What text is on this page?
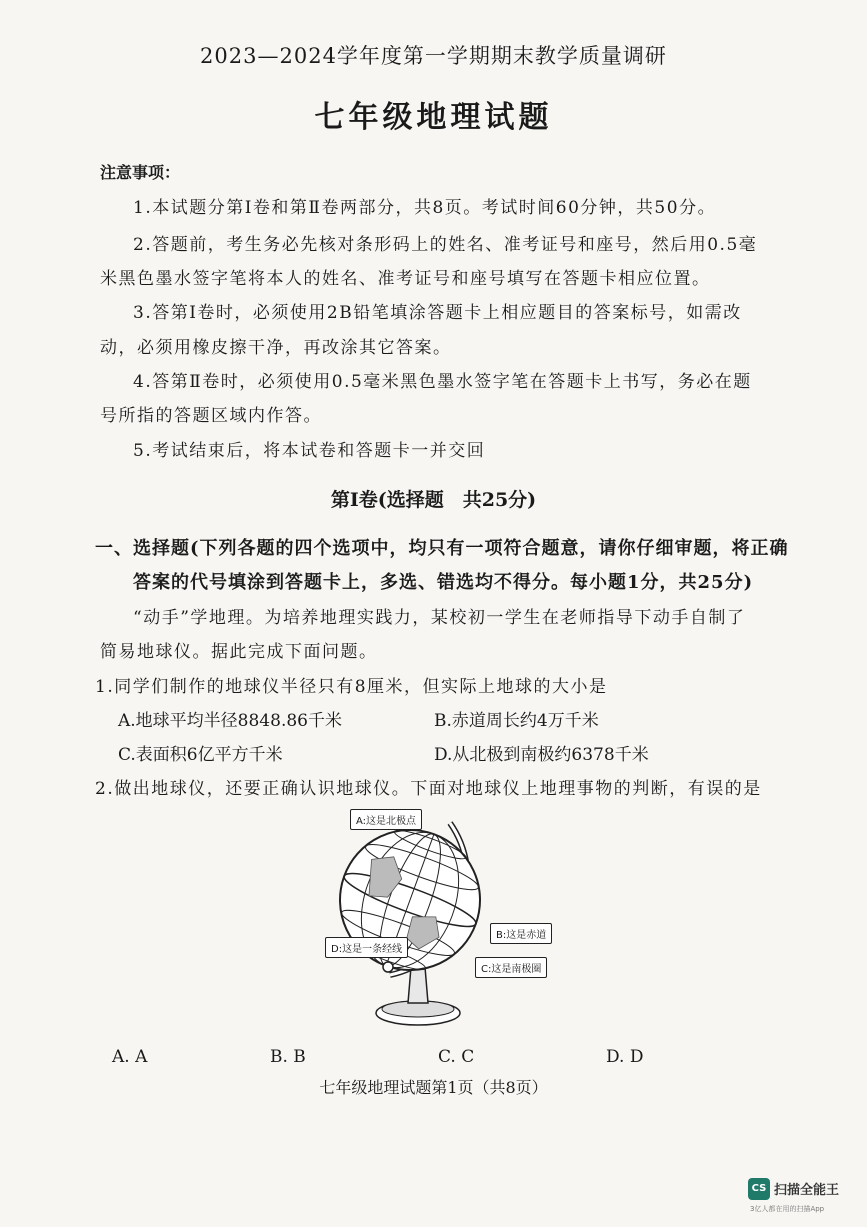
2023—2024学年度第一学期期末教学质量调研
七年级地理试题
注意事项：
1.本试题分第Ⅰ卷和第Ⅱ卷两部分，共8页。考试时间60分钟，共50分。
2.答题前，考生务必先核对条形码上的姓名、准考证号和座号，然后用0.5毫
米黑色墨水签字笔将本人的姓名、准考证号和座号填写在答题卡相应位置。
3.答第Ⅰ卷时，必须使用2B铅笔填涂答题卡上相应题目的答案标号，如需改
动，必须用橡皮擦干净，再改涂其它答案。
4.答第Ⅱ卷时，必须使用0.5毫米黑色墨水签字笔在答题卡上书写，务必在题
号所指的答题区域内作答。
5.考试结束后，将本试卷和答题卡一并交回
第Ⅰ卷(选择题　共25分)
一、选择题(下列各题的四个选项中，均只有一项符合题意，请你仔细审题，将正确
答案的代号填涂到答题卡上，多选、错选均不得分。每小题1分，共25分)
“动手”学地理。为培养地理实践力，某校初一学生在老师指导下动手自制了
简易地球仪。据此完成下面问题。
1.同学们制作的地球仪半径只有8厘米，但实际上地球的大小是
A.地球平均半径8848.86千米	B.赤道周长约4万千米
C.表面积6亿平方千米	D.从北极到南极约6378千米
2.做出地球仪，还要正确认识地球仪。下面对地球仪上地理事物的判断，有误的是
A:这是北极点
B:这是赤道
C:这是南极圈
D:这是一条经线
A. A	B. B	C. C	D. D
七年级地理试题第1页（共8页）
CS 扫描全能王
3亿人都在用的扫描App
